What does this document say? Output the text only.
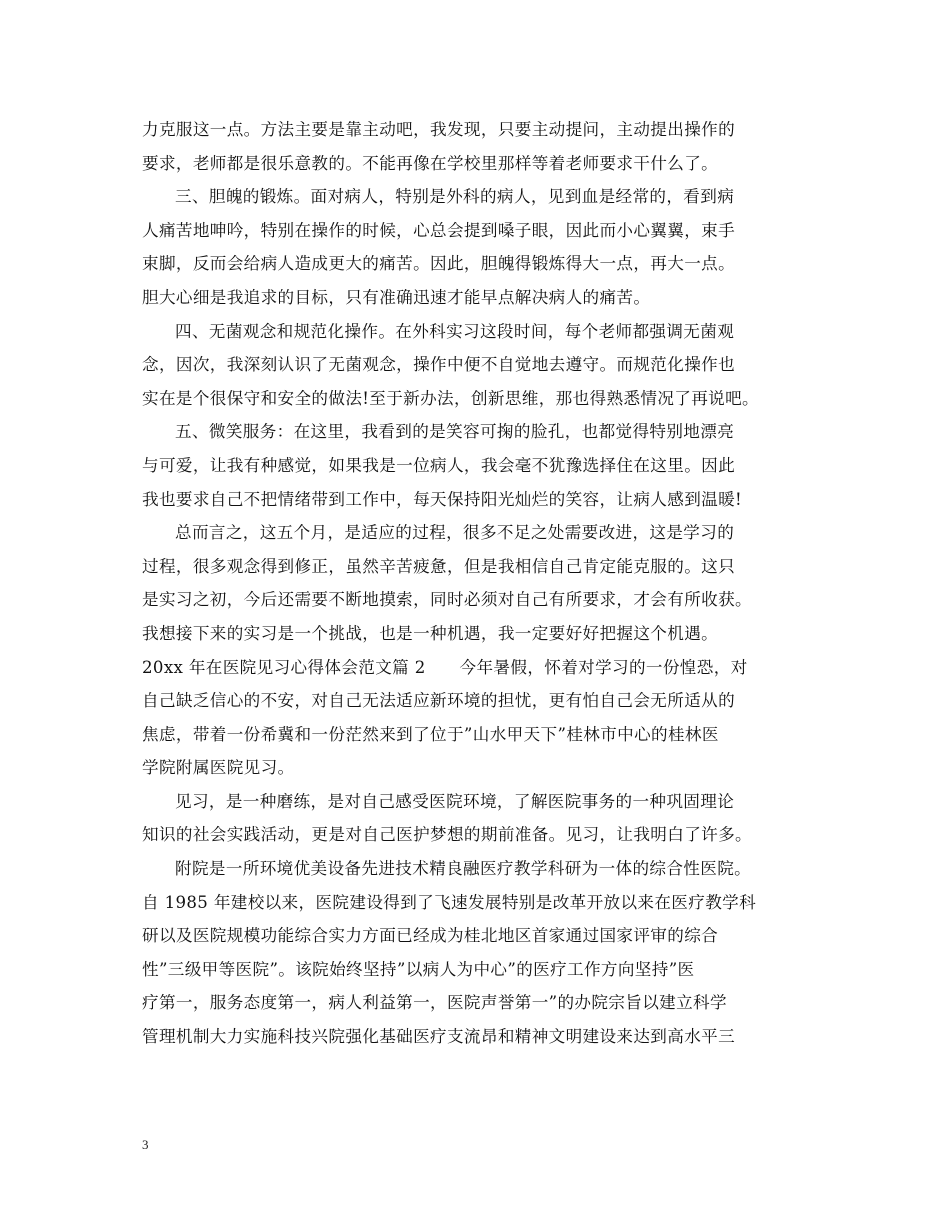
力克服这一点。方法主要是靠主动吧，我发现，只要主动提问，主动提出操作的
要求，老师都是很乐意教的。不能再像在学校里那样等着老师要求干什么了。
三、胆魄的锻炼。面对病人，特别是外科的病人，见到血是经常的，看到病
人痛苦地呻吟，特别在操作的时候，心总会提到嗓子眼，因此而小心翼翼，束手
束脚，反而会给病人造成更大的痛苦。因此，胆魄得锻炼得大一点，再大一点。
胆大心细是我追求的目标，只有准确迅速才能早点解决病人的痛苦。
四、无菌观念和规范化操作。在外科实习这段时间，每个老师都强调无菌观
念，因次，我深刻认识了无菌观念，操作中便不自觉地去遵守。而规范化操作也
实在是个很保守和安全的做法!至于新办法，创新思维，那也得熟悉情况了再说吧。
五、微笑服务：在这里，我看到的是笑容可掬的脸孔，也都觉得特别地漂亮
与可爱，让我有种感觉，如果我是一位病人，我会毫不犹豫选择住在这里。因此
我也要求自己不把情绪带到工作中，每天保持阳光灿烂的笑容，让病人感到温暖!
总而言之，这五个月，是适应的过程，很多不足之处需要改进，这是学习的
过程，很多观念得到修正，虽然辛苦疲惫，但是我相信自己肯定能克服的。这只
是实习之初，今后还需要不断地摸索，同时必须对自己有所要求，才会有所收获。
我想接下来的实习是一个挑战，也是一种机遇，我一定要好好把握这个机遇。
20xx 年在医院见习心得体会范文篇 2　　今年暑假，怀着对学习的一份惶恐，对
自己缺乏信心的不安，对自己无法适应新环境的担忧，更有怕自己会无所适从的
焦虑，带着一份希冀和一份茫然来到了位于”山水甲天下”桂林市中心的桂林医
学院附属医院见习。
见习，是一种磨练，是对自己感受医院环境，了解医院事务的一种巩固理论
知识的社会实践活动，更是对自己医护梦想的期前准备。见习，让我明白了许多。
附院是一所环境优美设备先进技术精良融医疗教学科研为一体的综合性医院。
自 1985 年建校以来，医院建设得到了飞速发展特别是改革开放以来在医疗教学科
研以及医院规模功能综合实力方面已经成为桂北地区首家通过国家评审的综合
性”三级甲等医院”。该院始终坚持”以病人为中心”的医疗工作方向坚持”医
疗第一，服务态度第一，病人利益第一，医院声誉第一”的办院宗旨以建立科学
管理机制大力实施科技兴院强化基础医疗支流昂和精神文明建设来达到高水平三
3
